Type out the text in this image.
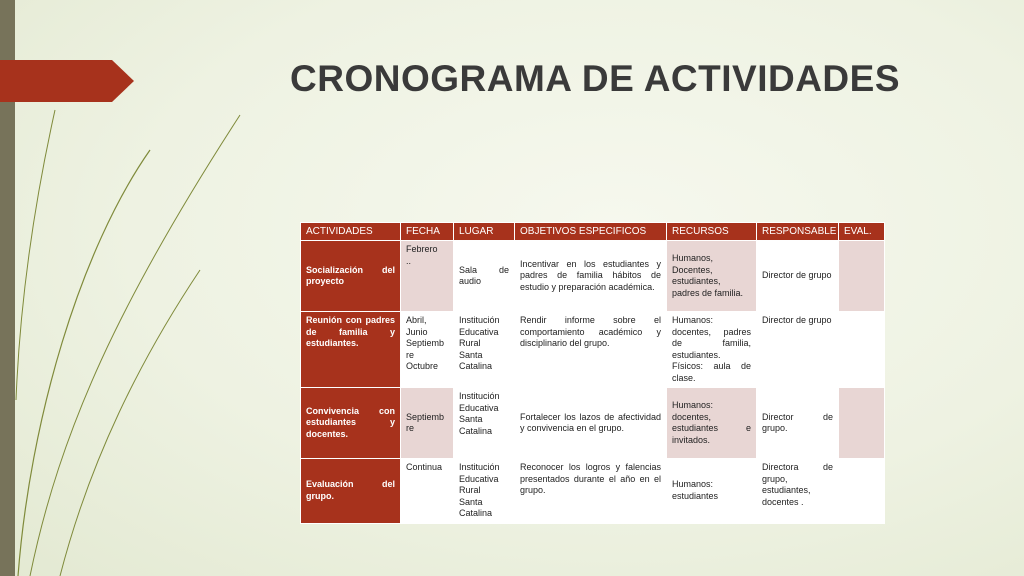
CRONOGRAMA DE ACTIVIDADES
ACTIVIDADES	FECHA	LUGAR	OBJETIVOS ESPECIFICOS	RECURSOS	RESPONSABLE	EVAL.
Socialización del proyecto	Febrero
..	Sala de audio	Incentivar en los estudiantes y padres de familia hábitos de estudio y preparación académica.	Humanos,
Docentes,
estudiantes,
padres de familia.	Director de grupo	
Reunión con padres de familia y estudiantes.	Abril,
Junio
Septiemb
re
Octubre	Institución
Educativa
Rural
Santa
Catalina	Rendir informe sobre el comportamiento académico y disciplinario del grupo.	Humanos:
docentes, padres de familia, estudiantes.
Físicos: aula de clase.	Director de grupo	
Convivencia con estudiantes y docentes.	Septiemb
re	Institución
Educativa
Santa
Catalina	Fortalecer los lazos de afectividad y convivencia en el grupo.	Humanos:
docentes,
estudiantes e invitados.	Director de grupo.	
Evaluación del grupo.	Continua	Institución
Educativa
Rural
Santa
Catalina	Reconocer los logros y falencias presentados durante el año en el grupo.	Humanos:
estudiantes	Directora de grupo,
estudiantes,
docentes .	
